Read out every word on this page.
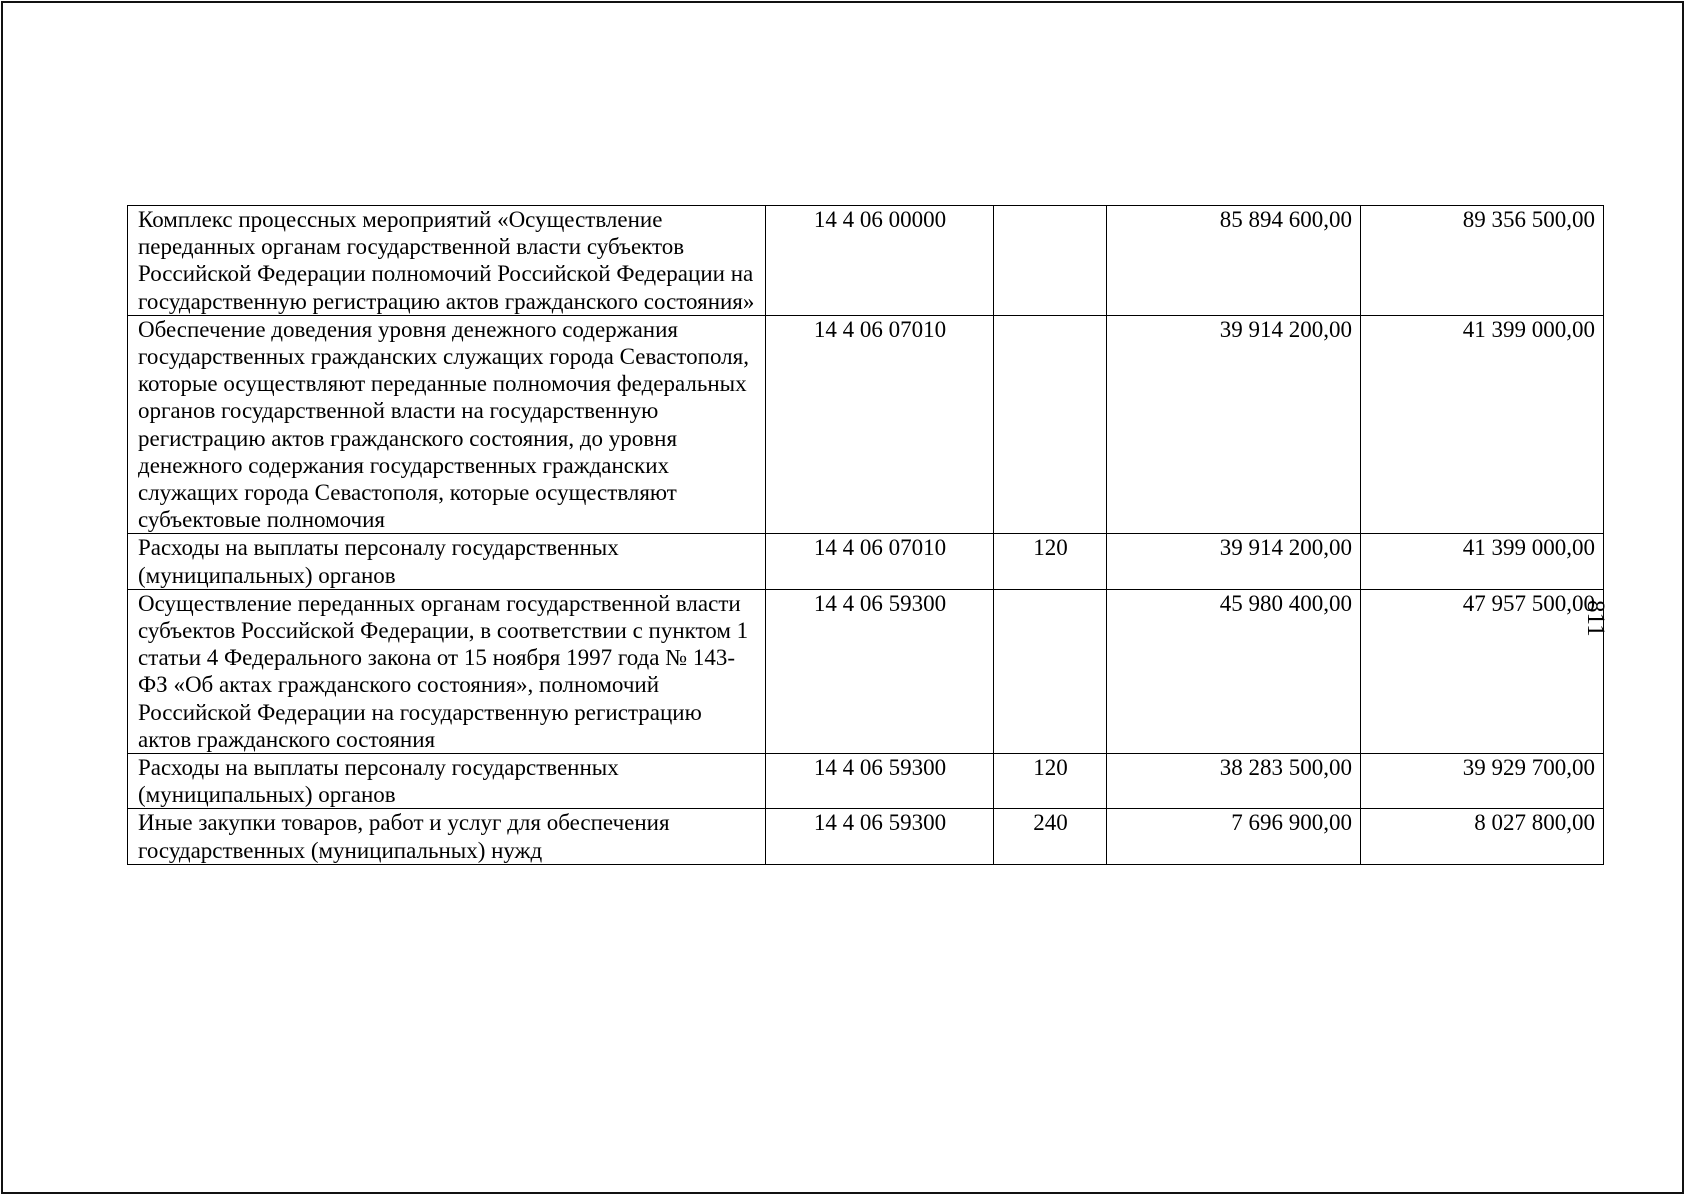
Комплекс процессных мероприятий «Осуществление переданных органам государственной власти субъектов Российской Федерации полномочий Российской Федерации на государственную регистрацию актов гражданского состояния»	14 4 06 00000		85 894 600,00	89 356 500,00
Обеспечение доведения уровня денежного содержания государственных гражданских служащих города Севастополя, которые осуществляют переданные полномочия федеральных органов государственной власти на государственную регистрацию актов гражданского состояния, до уровня денежного содержания государственных гражданских служащих города Севастополя, которые осуществляют субъектовые полномочия	14 4 06 07010		39 914 200,00	41 399 000,00
Расходы на выплаты персоналу государственных (муниципальных) органов	14 4 06 07010	120	39 914 200,00	41 399 000,00
Осуществление переданных органам государственной власти субъектов Российской Федерации, в соответствии с пунктом 1 статьи 4 Федерального закона от 15 ноября 1997 года № 143-ФЗ «Об актах гражданского состояния», полномочий Российской Федерации на государственную регистрацию актов гражданского состояния	14 4 06 59300		45 980 400,00	47 957 500,00
Расходы на выплаты персоналу государственных (муниципальных) органов	14 4 06 59300	120	38 283 500,00	39 929 700,00
Иные закупки товаров, работ и услуг для обеспечения государственных (муниципальных) нужд	14 4 06 59300	240	7 696 900,00	8 027 800,00
811
